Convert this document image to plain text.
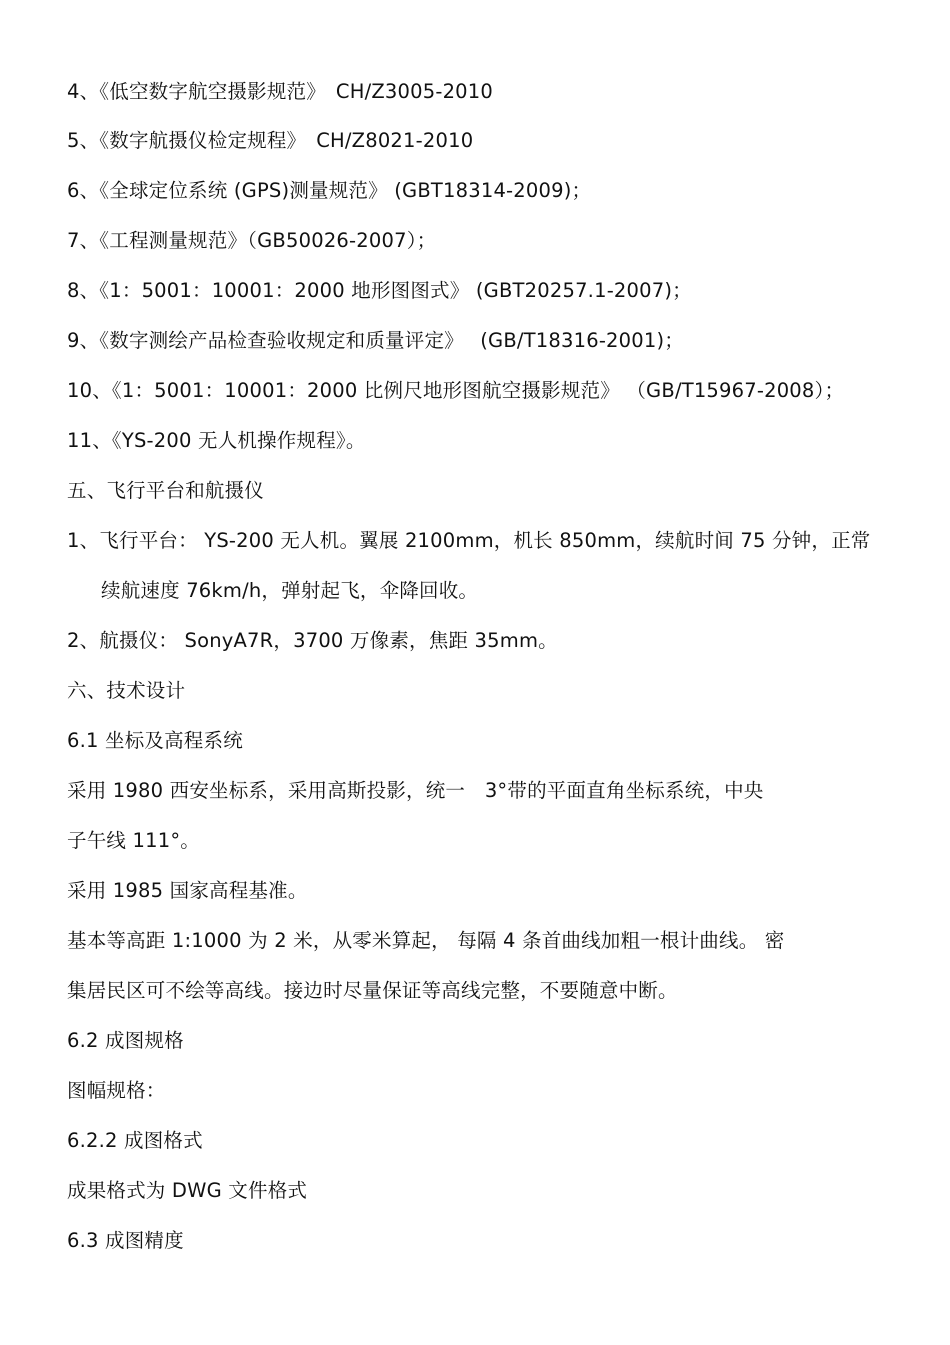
4、《低空数字航空摄影规范》　CH/Z3005-2010
5、《数字航摄仪检定规程》　CH/Z8021-2010
6、《全球定位系统 (GPS)测量规范》 (GBT18314-2009)；
7、《工程测量规范》（GB50026-2007）；
8、《1：5001：10001：2000 地形图图式》 (GBT20257.1-2007)；
9、《数字测绘产品检查验收规定和质量评定》　 (GB/T18316-2001)；
10、《1：5001：10001：2000 比例尺地形图航空摄影规范》 （GB/T15967-2008）；
11、《YS-200 无人机操作规程》。
五、飞行平台和航摄仪
1、飞行平台： YS-200 无人机。翼展 2100mm，机长 850mm，续航时间 75 分钟，正常
续航速度 76km/h，弹射起飞，伞降回收。
2、航摄仪： SonyA7R，3700 万像素，焦距 35mm。
六、技术设计
6.1 坐标及高程系统
采用 1980 西安坐标系，采用高斯投影，统一　3°带的平面直角坐标系统，中央
子午线 111°。
采用 1985 国家高程基准。
基本等高距 1:1000 为 2 米，从零米算起， 每隔 4 条首曲线加粗一根计曲线。 密
集居民区可不绘等高线。接边时尽量保证等高线完整，不要随意中断。
6.2 成图规格
图幅规格：
6.2.2 成图格式
成果格式为 DWG 文件格式
6.3 成图精度
